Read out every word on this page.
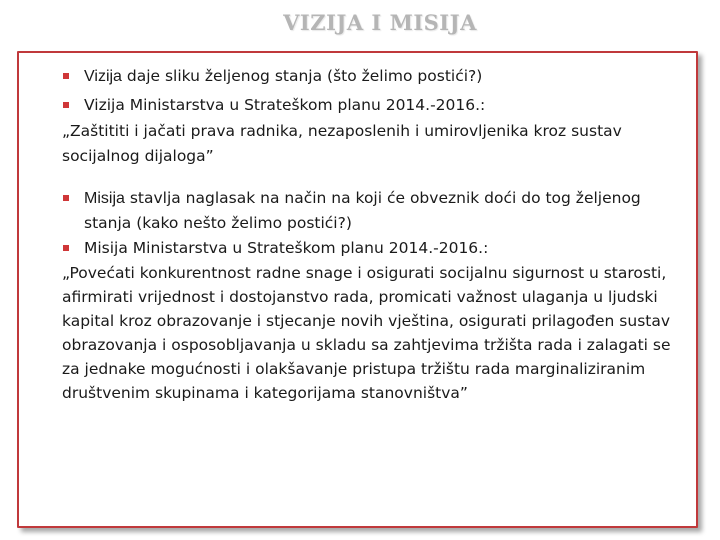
VIZIJA I MISIJA
Vizija daje sliku željenog stanja (što želimo postići?)
Vizija Ministarstva u Strateškom planu 2014.-2016.:
„Zaštititi i jačati prava radnika, nezaposlenih i umirovljenika kroz sustav
socijalnog dijaloga”
Misija stavlja naglasak na način na koji će obveznik doći do tog željenog
stanja (kako nešto želimo postići?)
Misija Ministarstva u Strateškom planu 2014.-2016.:
„Povećati konkurentnost radne snage i osigurati socijalnu sigurnost u starosti,
afirmirati vrijednost i dostojanstvo rada, promicati važnost ulaganja u ljudski
kapital kroz obrazovanje i stjecanje novih vještina, osigurati prilagođen sustav
obrazovanja i osposobljavanja u skladu sa zahtjevima tržišta rada i zalagati se
za jednake mogućnosti i olakšavanje pristupa tržištu rada marginaliziranim
društvenim skupinama i kategorijama stanovništva”
